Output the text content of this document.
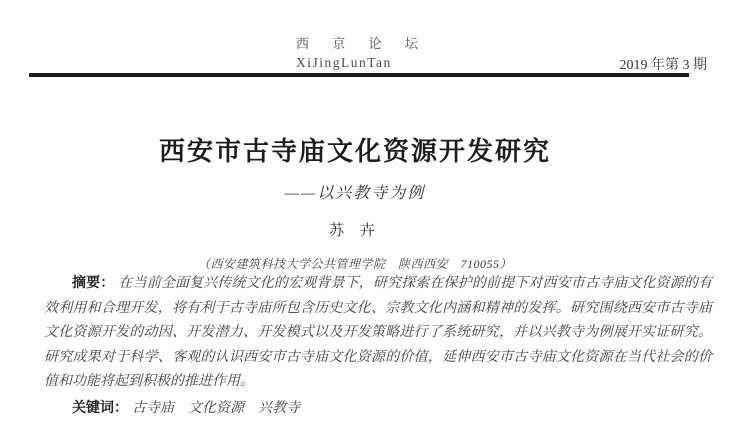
西 京 论 坛
XiJingLunTan	2019 年第 3 期
西安市古寺庙文化资源开发研究
——以兴教寺为例
苏 卉
（西安建筑科技大学公共管理学院　陕西西安　710055）

摘要： 在当前全面复兴传统文化的宏观背景下，研究探索在保护的前提下对西安市古寺庙文化资源的有效利用和合理开发，将有利于古寺庙所包含历史文化、宗教文化内涵和精神的发挥。研究围绕西安市古寺庙文化资源开发的动因、开发潜力、开发模式以及开发策略进行了系统研究，并以兴教寺为例展开实证研究。研究成果对于科学、客观的认识西安市古寺庙文化资源的价值，延伸西安市古寺庙文化资源在当代社会的价值和功能将起到积极的推进作用。

关键词： 古寺庙　文化资源　兴教寺
